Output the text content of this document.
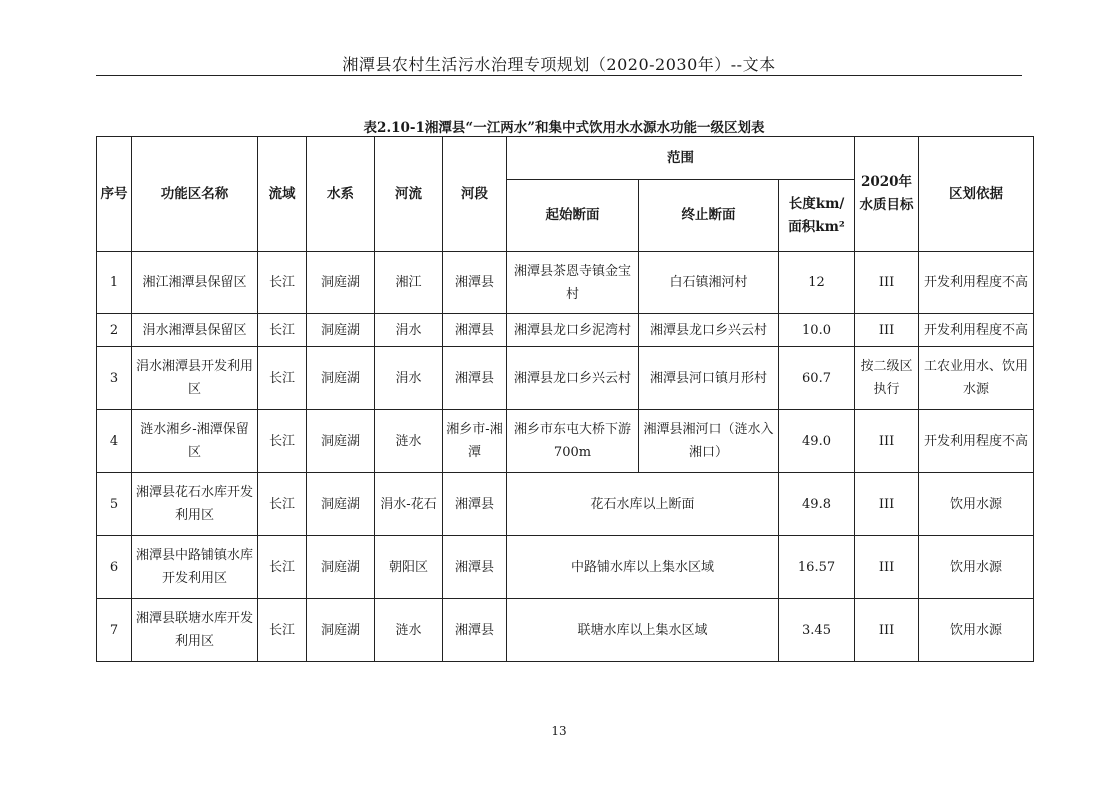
湘潭县农村生活污水治理专项规划（2020-2030年）--文本
表2.10-1湘潭县“一江两水”和集中式饮用水水源水功能一级区划表
序号	功能区名称	流域	水系	河流	河段	范围			2020年水质目标	区划依据
						起始断面	终止断面	长度km/
面积km²		

1	湘江湘潭县保留区	长江	洞庭湖	湘江	湘潭县	湘潭县茶恩寺镇金宝村	白石镇湘河村	12	III	开发利用程度不高
2	涓水湘潭县保留区	长江	洞庭湖	涓水	湘潭县	湘潭县龙口乡泥湾村	湘潭县龙口乡兴云村	10.0	III	开发利用程度不高
3	涓水湘潭县开发利用区	长江	洞庭湖	涓水	湘潭县	湘潭县龙口乡兴云村	湘潭县河口镇月形村	60.7	按二级区执行	工农业用水、饮用水源
4	涟水湘乡-湘潭保留区	长江	洞庭湖	涟水	湘乡市-湘潭	湘乡市东屯大桥下游700m	湘潭县湘河口（涟水入湘口）	49.0	III	开发利用程度不高
5	湘潭县花石水库开发利用区	长江	洞庭湖	涓水-花石	湘潭县	花石水库以上断面		49.8	III	饮用水源
6	湘潭县中路铺镇水库开发利用区	长江	洞庭湖	朝阳区	湘潭县	中路铺水库以上集水区域		16.57	III	饮用水源
7	湘潭县联塘水库开发利用区	长江	洞庭湖	涟水	湘潭县	联塘水库以上集水区域		3.45	III	饮用水源
13
